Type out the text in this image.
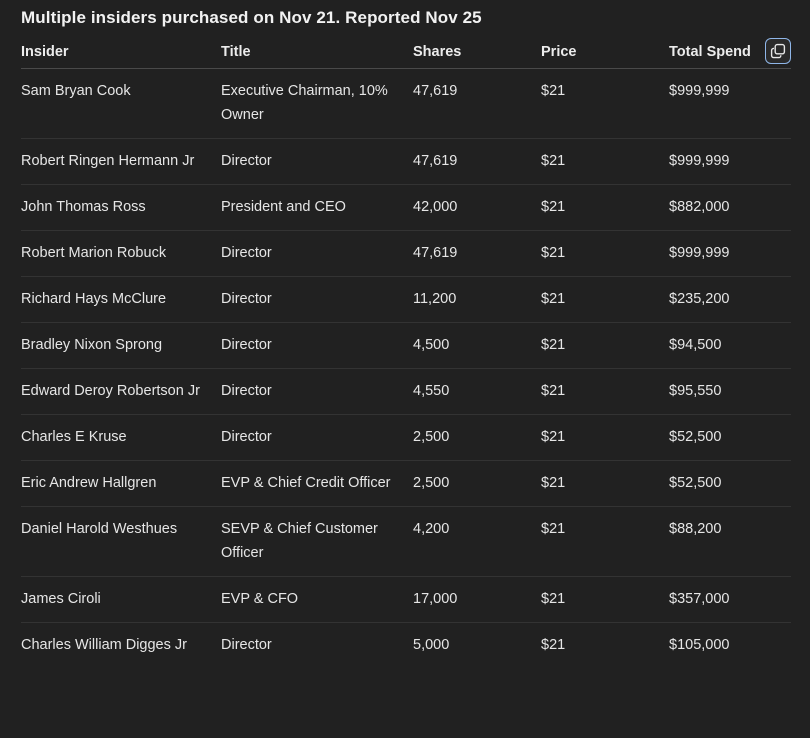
Multiple insiders purchased on Nov 21. Reported Nov 25
Insider	Title	Shares	Price	Total Spend

Sam Bryan Cook	Executive Chairman, 10% Owner	47,619	$21	$999,999
Robert Ringen Hermann Jr	Director	47,619	$21	$999,999
John Thomas Ross	President and CEO	42,000	$21	$882,000
Robert Marion Robuck	Director	47,619	$21	$999,999
Richard Hays McClure	Director	11,200	$21	$235,200
Bradley Nixon Sprong	Director	4,500	$21	$94,500
Edward Deroy Robertson Jr	Director	4,550	$21	$95,550
Charles E Kruse	Director	2,500	$21	$52,500
Eric Andrew Hallgren	EVP & Chief Credit Officer	2,500	$21	$52,500
Daniel Harold Westhues	SEVP & Chief Customer Officer	4,200	$21	$88,200
James Ciroli	EVP & CFO	17,000	$21	$357,000
Charles William Digges Jr	Director	5,000	$21	$105,000
